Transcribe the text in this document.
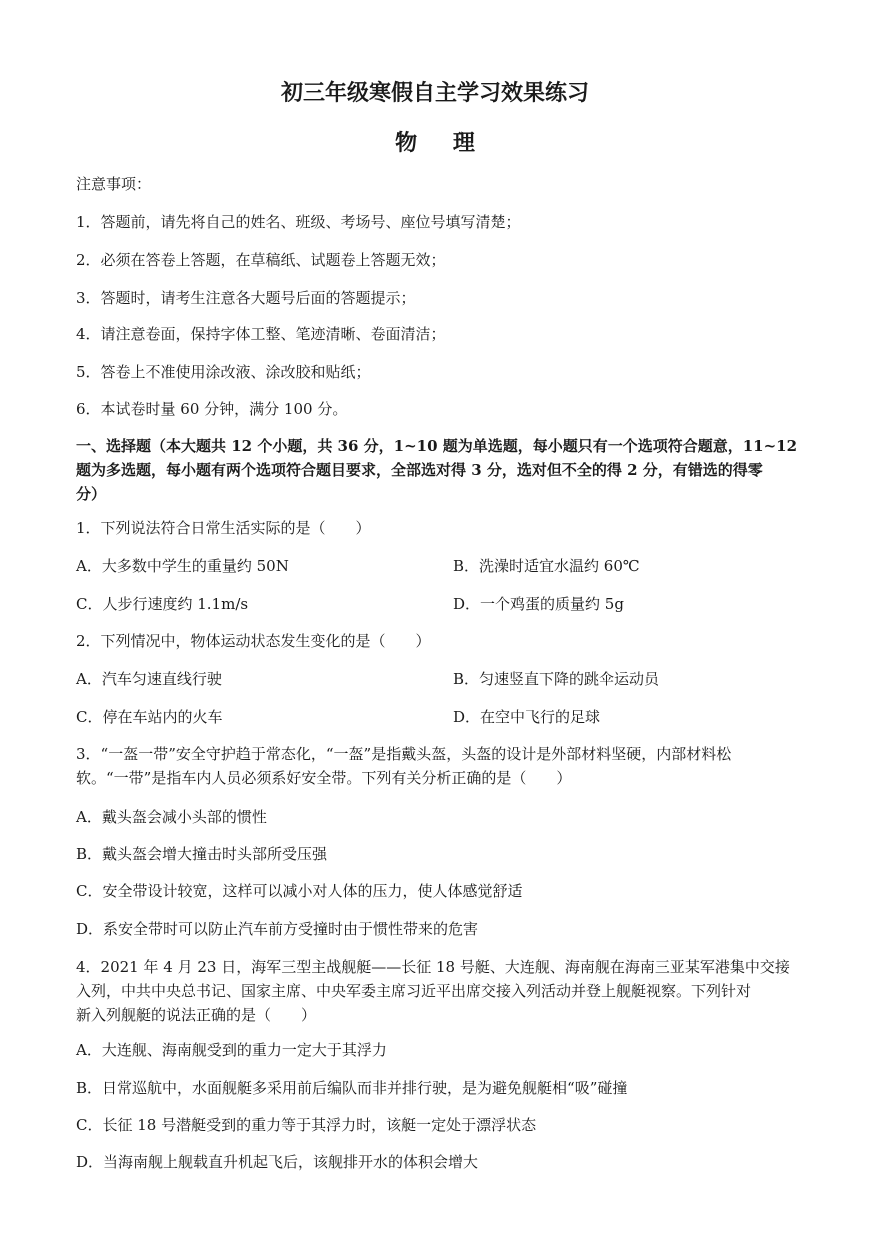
初三年级寒假自主学习效果练习
物 理
注意事项：
1．答题前，请先将自己的姓名、班级、考场号、座位号填写清楚；
2．必须在答卷上答题，在草稿纸、试题卷上答题无效；
3．答题时，请考生注意各大题号后面的答题提示；
4．请注意卷面，保持字体工整、笔迹清晰、卷面清洁；
5．答卷上不准使用涂改液、涂改胶和贴纸；
6．本试卷时量 60 分钟，满分 100 分。
一、选择题（本大题共 12 个小题，共 36 分，1~10 题为单选题，每小题只有一个选项符合题意，11~12
题为多选题，每小题有两个选项符合题目要求，全部选对得 3 分，选对但不全的得 2 分，有错选的得零
分）
1．下列说法符合日常生活实际的是（　　）
A．大多数中学生的重量约 50N	B．洗澡时适宜水温约 60℃
C．人步行速度约 1.1m/s	D．一个鸡蛋的质量约 5g
2．下列情况中，物体运动状态发生变化的是（　　）
A．汽车匀速直线行驶	B．匀速竖直下降的跳伞运动员
C．停在车站内的火车	D．在空中飞行的足球
3．“一盔一带”安全守护趋于常态化，“一盔”是指戴头盔，头盔的设计是外部材料坚硬，内部材料松
软。“一带”是指车内人员必须系好安全带。下列有关分析正确的是（　　）
A．戴头盔会减小头部的惯性
B．戴头盔会增大撞击时头部所受压强
C．安全带设计较宽，这样可以减小对人体的压力，使人体感觉舒适
D．系安全带时可以防止汽车前方受撞时由于惯性带来的危害
4．2021 年 4 月 23 日，海军三型主战舰艇——长征 18 号艇、大连舰、海南舰在海南三亚某军港集中交接
入列，中共中央总书记、国家主席、中央军委主席习近平出席交接入列活动并登上舰艇视察。下列针对
新入列舰艇的说法正确的是（　　）
A．大连舰、海南舰受到的重力一定大于其浮力
B．日常巡航中，水面舰艇多采用前后编队而非并排行驶，是为避免舰艇相“吸”碰撞
C．长征 18 号潜艇受到的重力等于其浮力时，该艇一定处于漂浮状态
D．当海南舰上舰载直升机起飞后，该舰排开水的体积会增大
